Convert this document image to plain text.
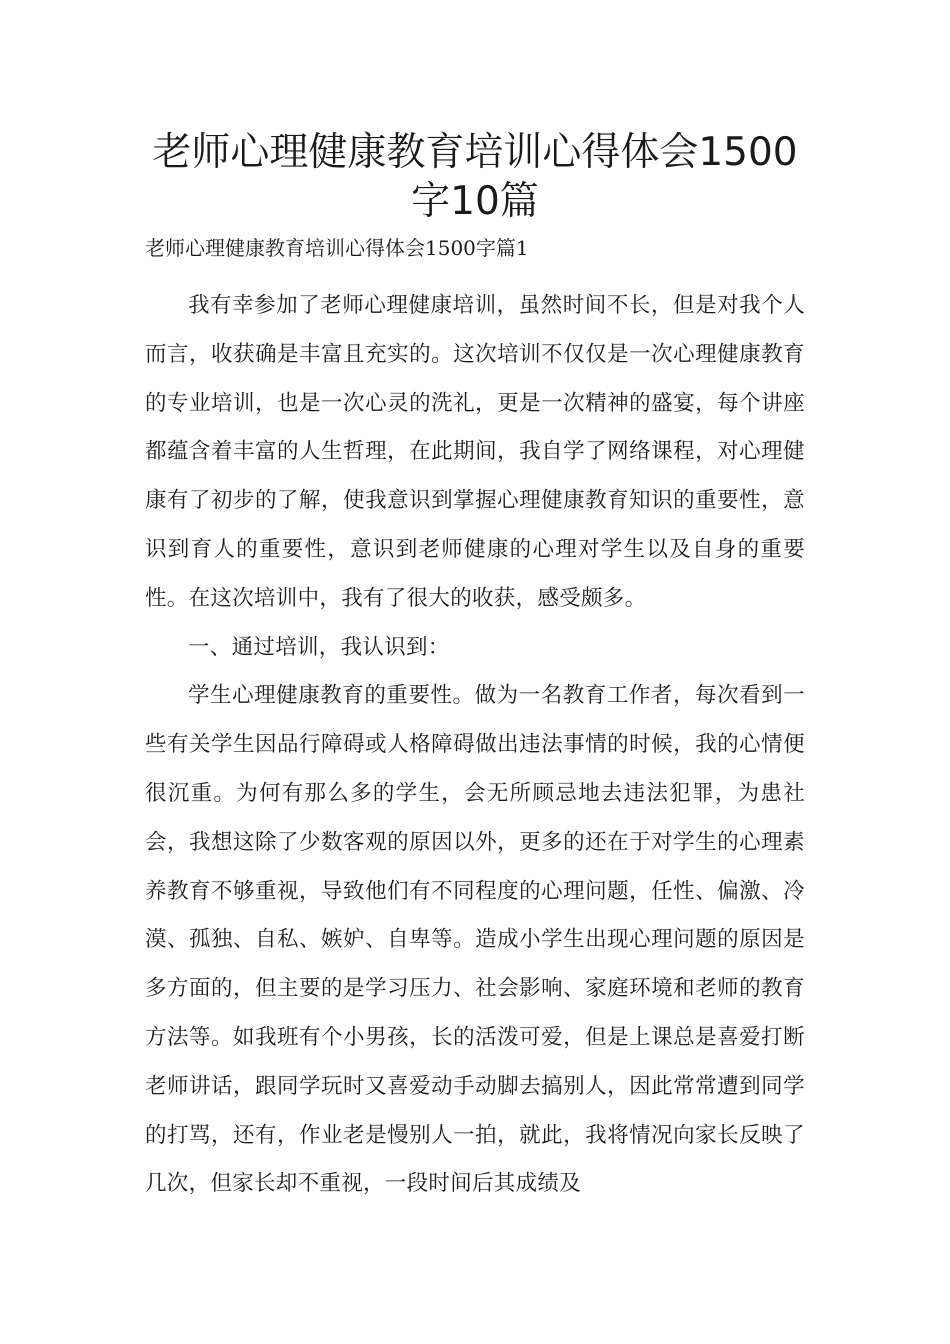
老师心理健康教育培训心得体会1500
字10篇
老师心理健康教育培训心得体会1500字篇1

我有幸参加了老师心理健康培训，虽然时间不长，但是对我个人而言，收获确是丰富且充实的。这次培训不仅仅是一次心理健康教育的专业培训，也是一次心灵的洗礼，更是一次精神的盛宴，每个讲座都蕴含着丰富的人生哲理，在此期间，我自学了网络课程，对心理健康有了初步的了解，使我意识到掌握心理健康教育知识的重要性，意识到育人的重要性，意识到老师健康的心理对学生以及自身的重要性。在这次培训中，我有了很大的收获，感受颇多。

一、通过培训，我认识到：

学生心理健康教育的重要性。做为一名教育工作者，每次看到一些有关学生因品行障碍或人格障碍做出违法事情的时候，我的心情便很沉重。为何有那么多的学生，会无所顾忌地去违法犯罪，为患社会，我想这除了少数客观的原因以外，更多的还在于对学生的心理素养教育不够重视，导致他们有不同程度的心理问题，任性、偏激、冷漠、孤独、自私、嫉妒、自卑等。造成小学生出现心理问题的原因是多方面的，但主要的是学习压力、社会影响、家庭环境和老师的教育方法等。如我班有个小男孩，长的活泼可爱，但是上课总是喜爱打断老师讲话，跟同学玩时又喜爱动手动脚去搞别人，因此常常遭到同学的打骂，还有，作业老是慢别人一拍，就此，我将情况向家长反映了几次，但家长却不重视，一段时间后其成绩及
